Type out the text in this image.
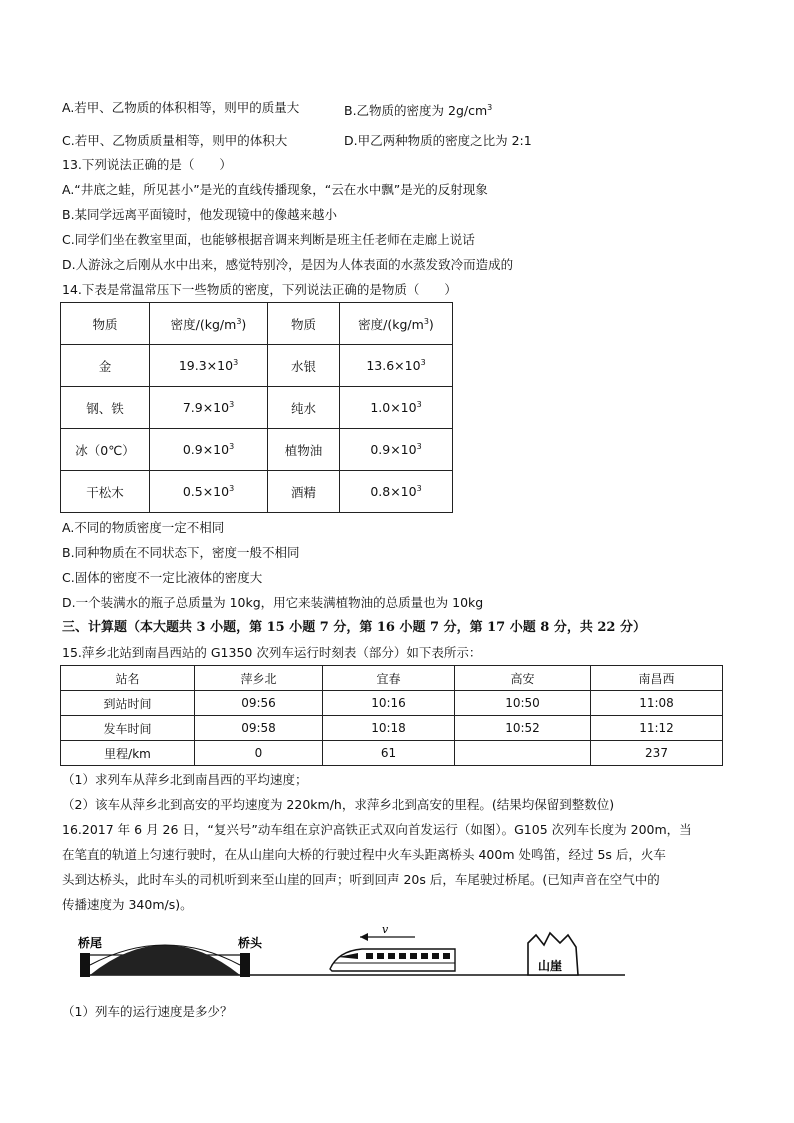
A.若甲、乙物质的体积相等，则甲的质量大	B.乙物质的密度为 $2g/cm^3$
C.若甲、乙物质质量相等，则甲的体积大	D.甲乙两种物质的密度之比为 2:1
13.下列说法正确的是（　　）
A.“井底之蛙，所见甚小”是光的直线传播现象，“云在水中飘”是光的反射现象
B.某同学远离平面镜时，他发现镜中的像越来越小
C.同学们坐在教室里面，也能够根据音调来判断是班主任老师在走廊上说话
D.人游泳之后刚从水中出来，感觉特别冷，是因为人体表面的水蒸发致冷而造成的
14.下表是常温常压下一些物质的密度，下列说法正确的是物质（　　）
物质	密度$/(kg/m^3)$	物质	密度$/(kg/m^3)$
金	$19.3\times 10^3$	水银	$13.6\times 10^3$
钢、铁	$7.9\times 10^3$	纯水	$1.0\times 10^3$
冰（0℃）	$0.9\times 10^3$	植物油	$0.9\times 10^3$
干松木	$0.5\times 10^3$	酒精	$0.8\times 10^3$
A.不同的物质密度一定不相同
B.同种物质在不同状态下，密度一般不相同
C.固体的密度不一定比液体的密度大
D.一个装满水的瓶子总质量为 10kg，用它来装满植物油的总质量也为 10kg
三、计算题（本大题共 3 小题，第 15 小题 7 分，第 16 小题 7 分，第 17 小题 8 分，共 22 分）
15.萍乡北站到南昌西站的 G1350 次列车运行时刻表（部分）如下表所示：
站名	萍乡北	宜春	高安	南昌西
到站时间	09:56	10:16	10:50	11:08
发车时间	09:58	10:18	10:52	11:12
里程/km	0	61		237
（1）求列车从萍乡北到南昌西的平均速度；
（2）该车从萍乡北到高安的平均速度为 220km/h，求萍乡北到高安的里程。(结果均保留到整数位)
16.2017 年 6 月 26 日，“复兴号”动车组在京沪高铁正式双向首发运行（如图）。G105 次列车长度为 200m，当
在笔直的轨道上匀速行驶时，在从山崖向大桥的行驶过程中火车头距离桥头 400m 处鸣笛，经过 5s 后，火车
头到达桥头，此时车头的司机听到来至山崖的回声；听到回声 20s 后，车尾驶过桥尾。(已知声音在空气中的
传播速度为 340m/s)。
桥尾	桥头
v
山崖
（1）列车的运行速度是多少？
